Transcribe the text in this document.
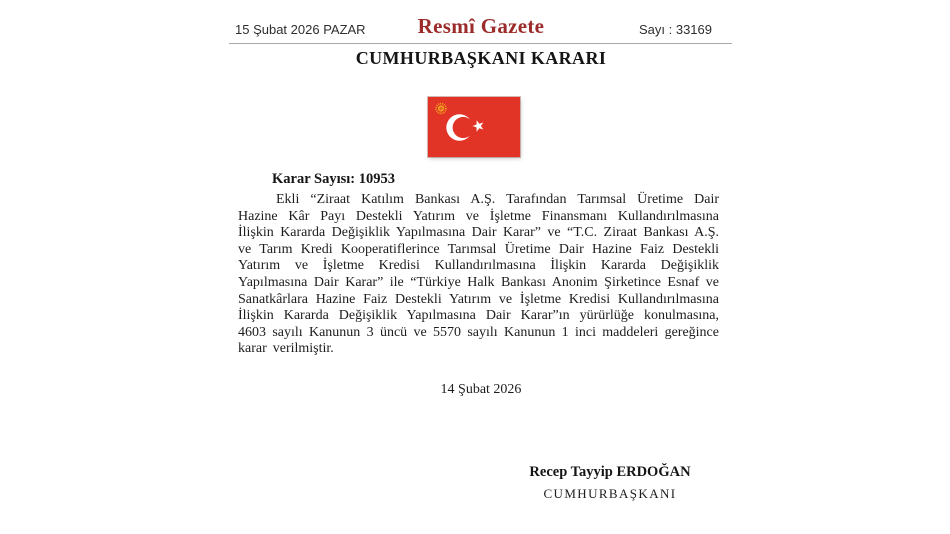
15 Şubat 2026 PAZAR	Resmî Gazete	Sayı : 33169
CUMHURBAŞKANI KARARI
Karar Sayısı: 10953

Ekli “Ziraat Katılım Bankası A.Ş. Tarafından Tarımsal Üretime Dair Hazine Kâr Payı Destekli Yatırım ve İşletme Finansmanı Kullandırılmasına İlişkin Kararda Değişiklik Yapılmasına Dair Karar” ve “T.C. Ziraat Bankası A.Ş. ve Tarım Kredi Kooperatiflerince Tarımsal Üretime Dair Hazine Faiz Destekli Yatırım ve İşletme Kredisi Kullandırılmasına İlişkin Kararda Değişiklik Yapılmasına Dair Karar” ile “Türkiye Halk Bankası Anonim Şirketince Esnaf ve Sanatkârlara Hazine Faiz Destekli Yatırım ve İşletme Kredisi Kullandırılmasına İlişkin Kararda Değişiklik Yapılmasına Dair Karar”ın yürürlüğe konulmasına, 4603 sayılı Kanunun 3 üncü ve 5570 sayılı Kanunun 1 inci maddeleri gereğince karar verilmiştir.

14 Şubat 2026
Recep Tayyip ERDOĞAN
CUMHURBAŞKANI
